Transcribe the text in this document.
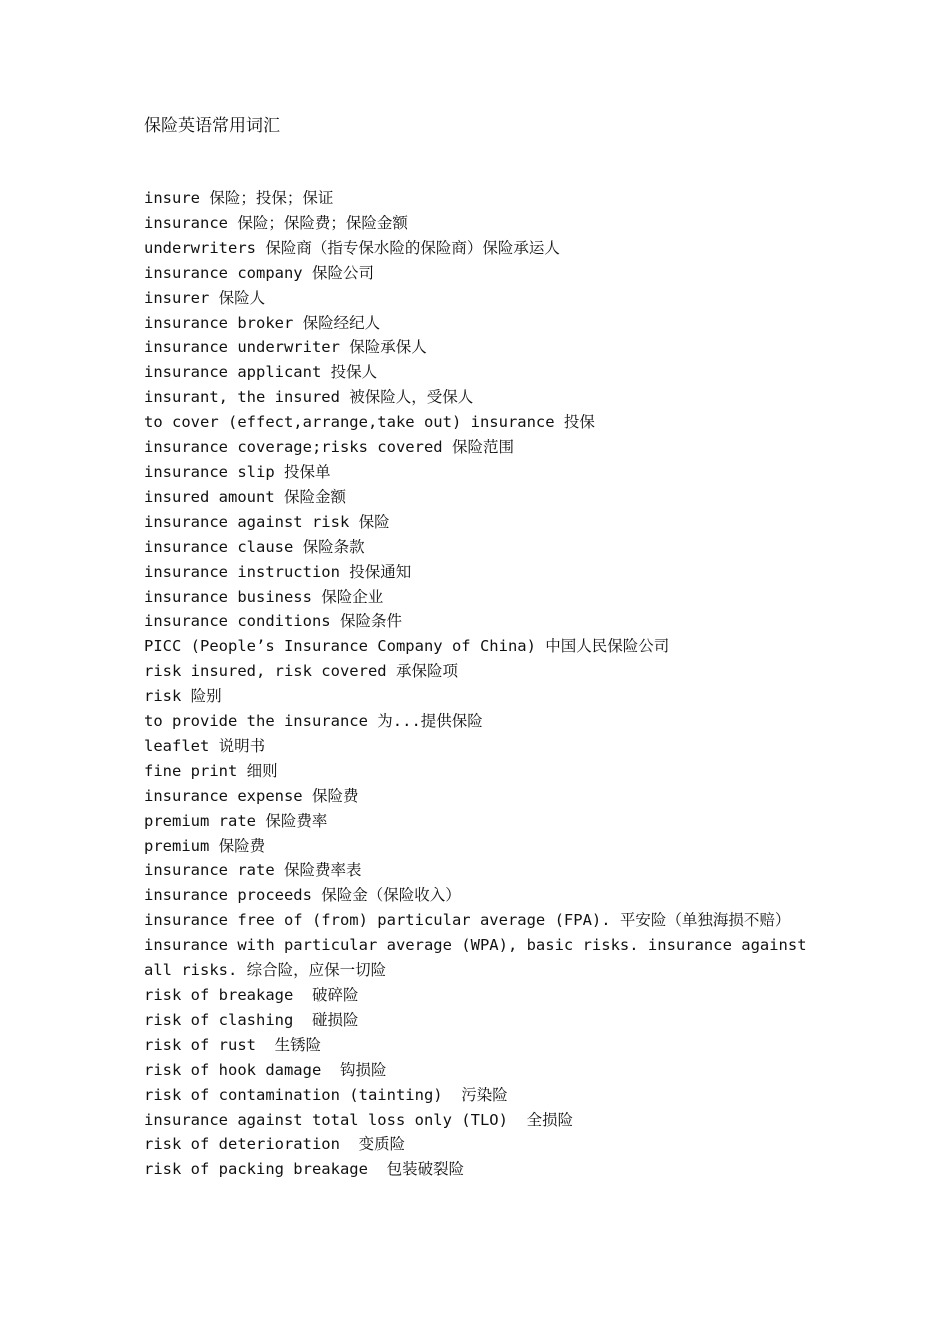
保险英语常用词汇
insure 保险；投保；保证
insurance 保险；保险费；保险金额
underwriters 保险商（指专保水险的保险商）保险承运人
insurance company 保险公司
insurer 保险人
insurance broker 保险经纪人
insurance underwriter 保险承保人
insurance applicant 投保人
insurant, the insured 被保险人，受保人
to cover (effect,arrange,take out) insurance 投保
insurance coverage;risks covered 保险范围
insurance slip 投保单
insured amount 保险金额
insurance against risk 保险
insurance clause 保险条款
insurance instruction 投保通知
insurance business 保险企业
insurance conditions 保险条件
PICC (People’s Insurance Company of China) 中国人民保险公司
risk insured, risk covered 承保险项
risk 险别
to provide the insurance 为...提供保险
leaflet 说明书
fine print 细则
insurance expense 保险费
premium rate 保险费率
premium 保险费
insurance rate 保险费率表
insurance proceeds 保险金（保险收入）
insurance free of (from) particular average (FPA). 平安险（单独海损不赔）
insurance with particular average (WPA), basic risks. insurance against all risks. 综合险，应保一切险
risk of breakage  破碎险
risk of clashing  碰损险
risk of rust  生锈险
risk of hook damage  钩损险
risk of contamination (tainting)  污染险
insurance against total loss only (TLO)  全损险
risk of deterioration  变质险
risk of packing breakage  包装破裂险
